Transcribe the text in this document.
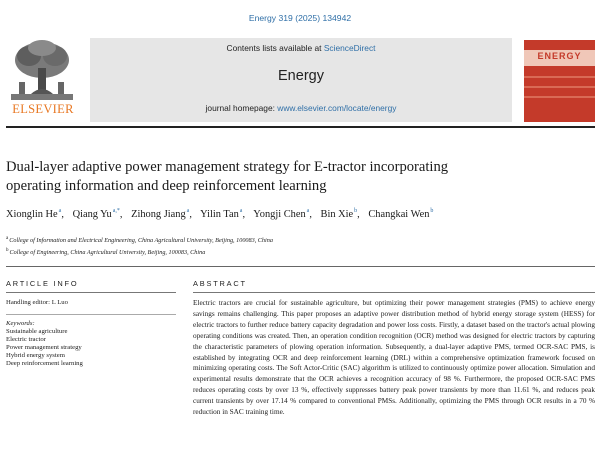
Energy 319 (2025) 134942
ELSEVIER
Contents lists available at ScienceDirect
Energy
journal homepage: www.elsevier.com/locate/energy
ENERGY
Dual-layer adaptive power management strategy for E-tractor incorporating
operating information and deep reinforcement learning
Xionglin He$^a$, Qiang $Yu^{a,*}$, Zihong Jiang$^a$, Yilin Tan$^a$, Yongji Chen$^a$, Bin Xie$^b$, Changkai Wen$^b$
$^a$College of Information and Electrical Engineering, China Agricultural University, Beijing, 100083, China
$^b$College of Engineering, China Agricultural University, Beijing, 100083, China
ARTICLE INFO	ABSTRACT
Handling editor: L Luo
Keywords:
Sustainable agriculture
Electric tractor
Power management strategy
Hybrid energy system
Deep reinforcement learning
Electric tractors are crucial for sustainable agriculture, but optimizing their power management strategies (PMS) to achieve energy savings remains challenging. This paper proposes an adaptive power distribution method of hybrid energy storage system (HESS) for electric tractors to further reduce battery capacity degradation and power loss costs. Firstly, a dataset based on the tractor's actual plowing operating conditions was created. Then, an operation condition recognition (OCR) method was designed for electric tractors by capturing the characteristic parameters of plowing operation information. Subsequently, a dual-layer adaptive PMS, termed OCR-SAC PMS, is established by integrating OCR and deep reinforcement learning (DRL) within a comprehensive optimization framework focused on minimizing operating costs. The Soft Actor-Critic (SAC) algorithm is utilized to continuously optimize power allocation. Simulation and experimental results demonstrate that the OCR achieves a recognition accuracy of 98 %. Furthermore, the proposed OCR-SAC PMS reduces operating costs by over 13 %, effectively suppresses battery peak power transients by more than 11.61 %, and reduces peak current transients by over 17.14 % compared to conventional PMSs. Additionally, optimizing the PMS through OCR results in a 70 % reduction in SAC training time.
